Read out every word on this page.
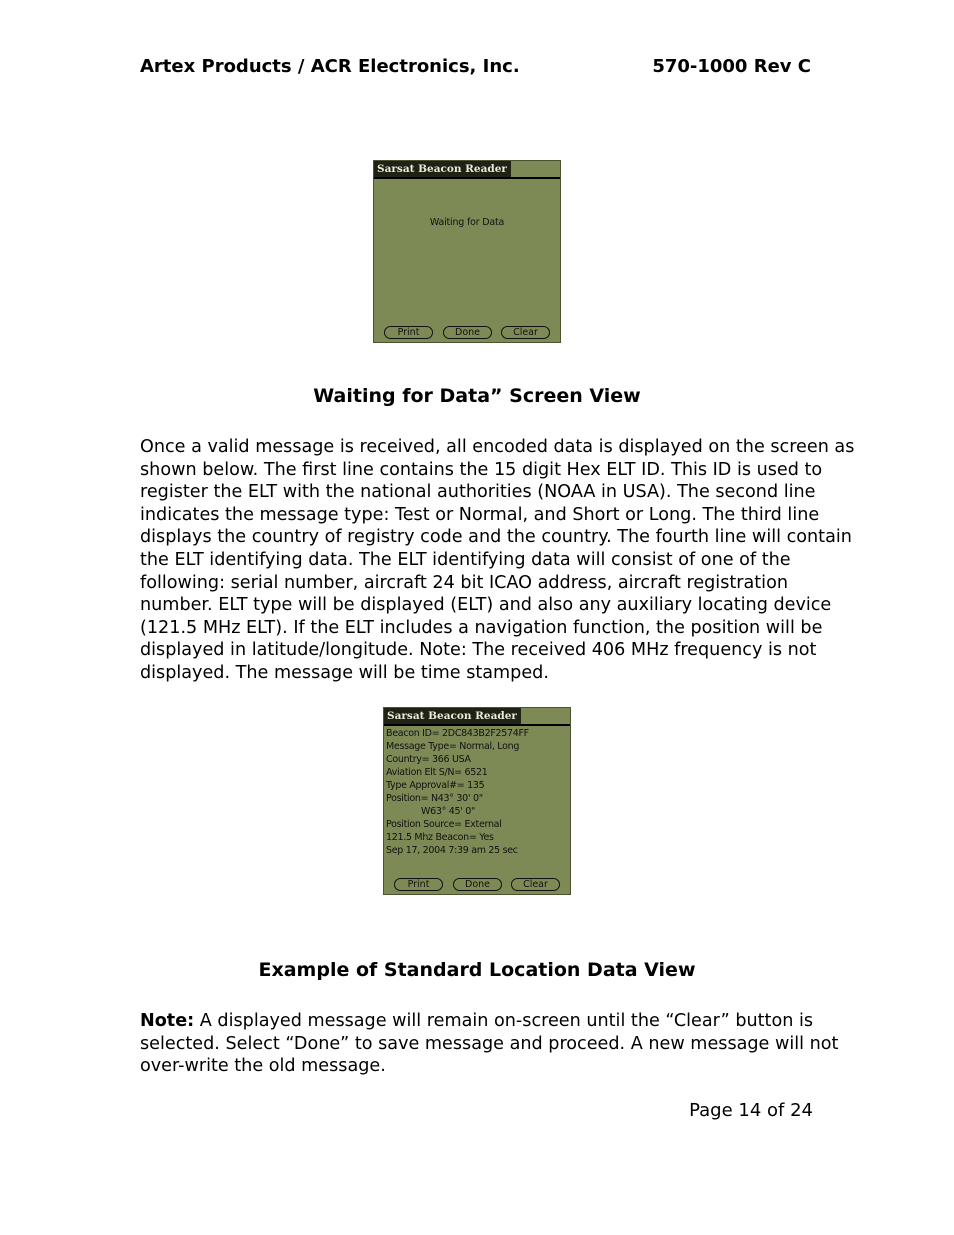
Artex Products / ACR Electronics, Inc.	570-1000 Rev C
Sarsat Beacon Reader
Waiting for Data
Print	Done	Clear
Waiting for Data” Screen View
Once a valid message is received, all encoded data is displayed on the screen as
shown below. The first line contains the 15 digit Hex ELT ID. This ID is used to
register the ELT with the national authorities (NOAA in USA). The second line
indicates the message type: Test or Normal, and Short or Long. The third line
displays the country of registry code and the country. The fourth line will contain
the ELT identifying data. The ELT identifying data will consist of one of the
following: serial number, aircraft 24 bit ICAO address, aircraft registration
number. ELT type will be displayed (ELT) and also any auxiliary locating device
(121.5 MHz ELT). If the ELT includes a navigation function, the position will be
displayed in latitude/longitude. Note: The received 406 MHz frequency is not
displayed. The message will be time stamped.
Sarsat Beacon Reader
Beacon ID= 2DC843B2F2574FF
Message Type= Normal, Long
Country= 366 USA
Aviation Elt S/N= 6521
Type Approval#= 135
Position= N43° 30' 0"
W63° 45' 0"
Position Source= External
121.5 Mhz Beacon= Yes
Sep 17, 2004 7:39 am 25 sec
Print	Done	Clear
Example of Standard Location Data View
Note: A displayed message will remain on-screen until the “Clear” button is
selected. Select “Done” to save message and proceed. A new message will not
over-write the old message.
Page 14 of 24
